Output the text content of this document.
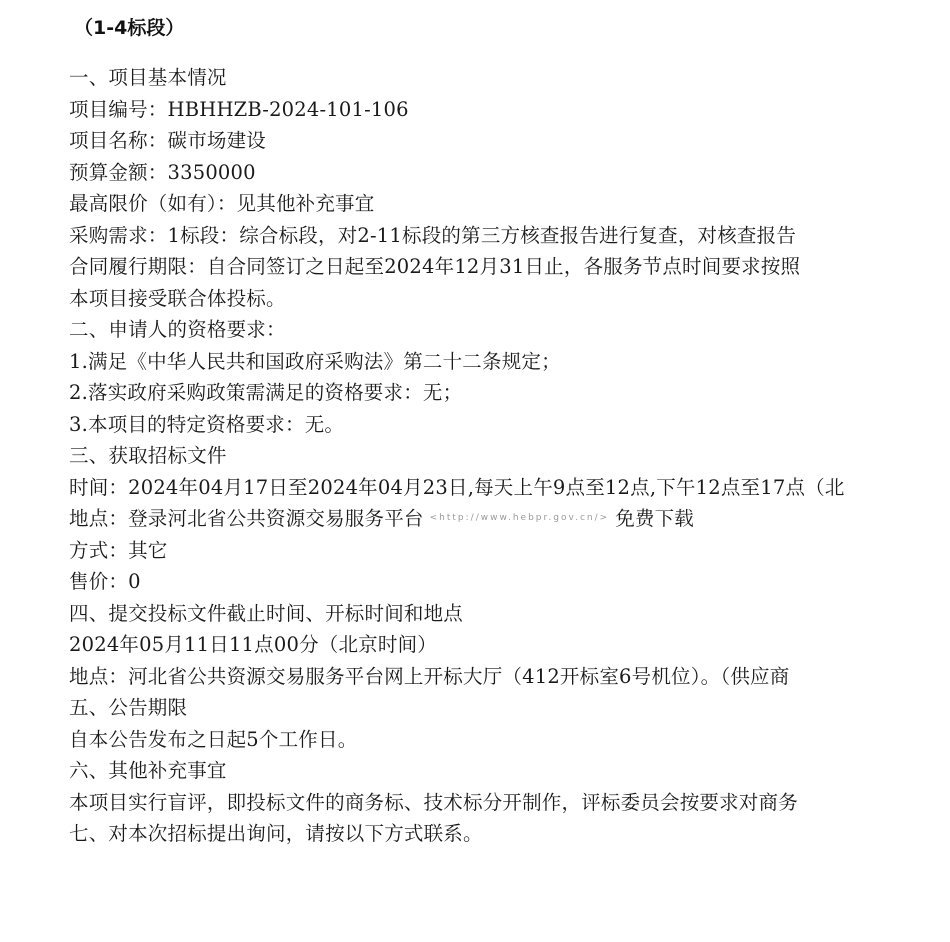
（1-4标段）
一、项目基本情况
项目编号：HBHHZB-2024-101-106
项目名称：碳市场建设
预算金额：3350000
最高限价（如有）：见其他补充事宜
采购需求：1标段：综合标段，对2-11标段的第三方核查报告进行复查，对核查报告
合同履行期限：自合同签订之日起至2024年12月31日止，各服务节点时间要求按照
本项目接受联合体投标。
二、申请人的资格要求：
1.满足《中华人民共和国政府采购法》第二十二条规定；
2.落实政府采购政策需满足的资格要求：无；
3.本项目的特定资格要求：无。
三、获取招标文件
时间：2024年04月17日至2024年04月23日,每天上午9点至12点,下午12点至17点（北
地点：登录河北省公共资源交易服务平台 $^{<http://www.hebpr.gov.cn/>}$ 免费下载
方式：其它
售价：0
四、提交投标文件截止时间、开标时间和地点
2024年05月11日11点00分（北京时间）
地点：河北省公共资源交易服务平台网上开标大厅（412开标室6号机位）。（供应商
五、公告期限
自本公告发布之日起5个工作日。
六、其他补充事宜
本项目实行盲评，即投标文件的商务标、技术标分开制作，评标委员会按要求对商务
七、对本次招标提出询问，请按以下方式联系。
